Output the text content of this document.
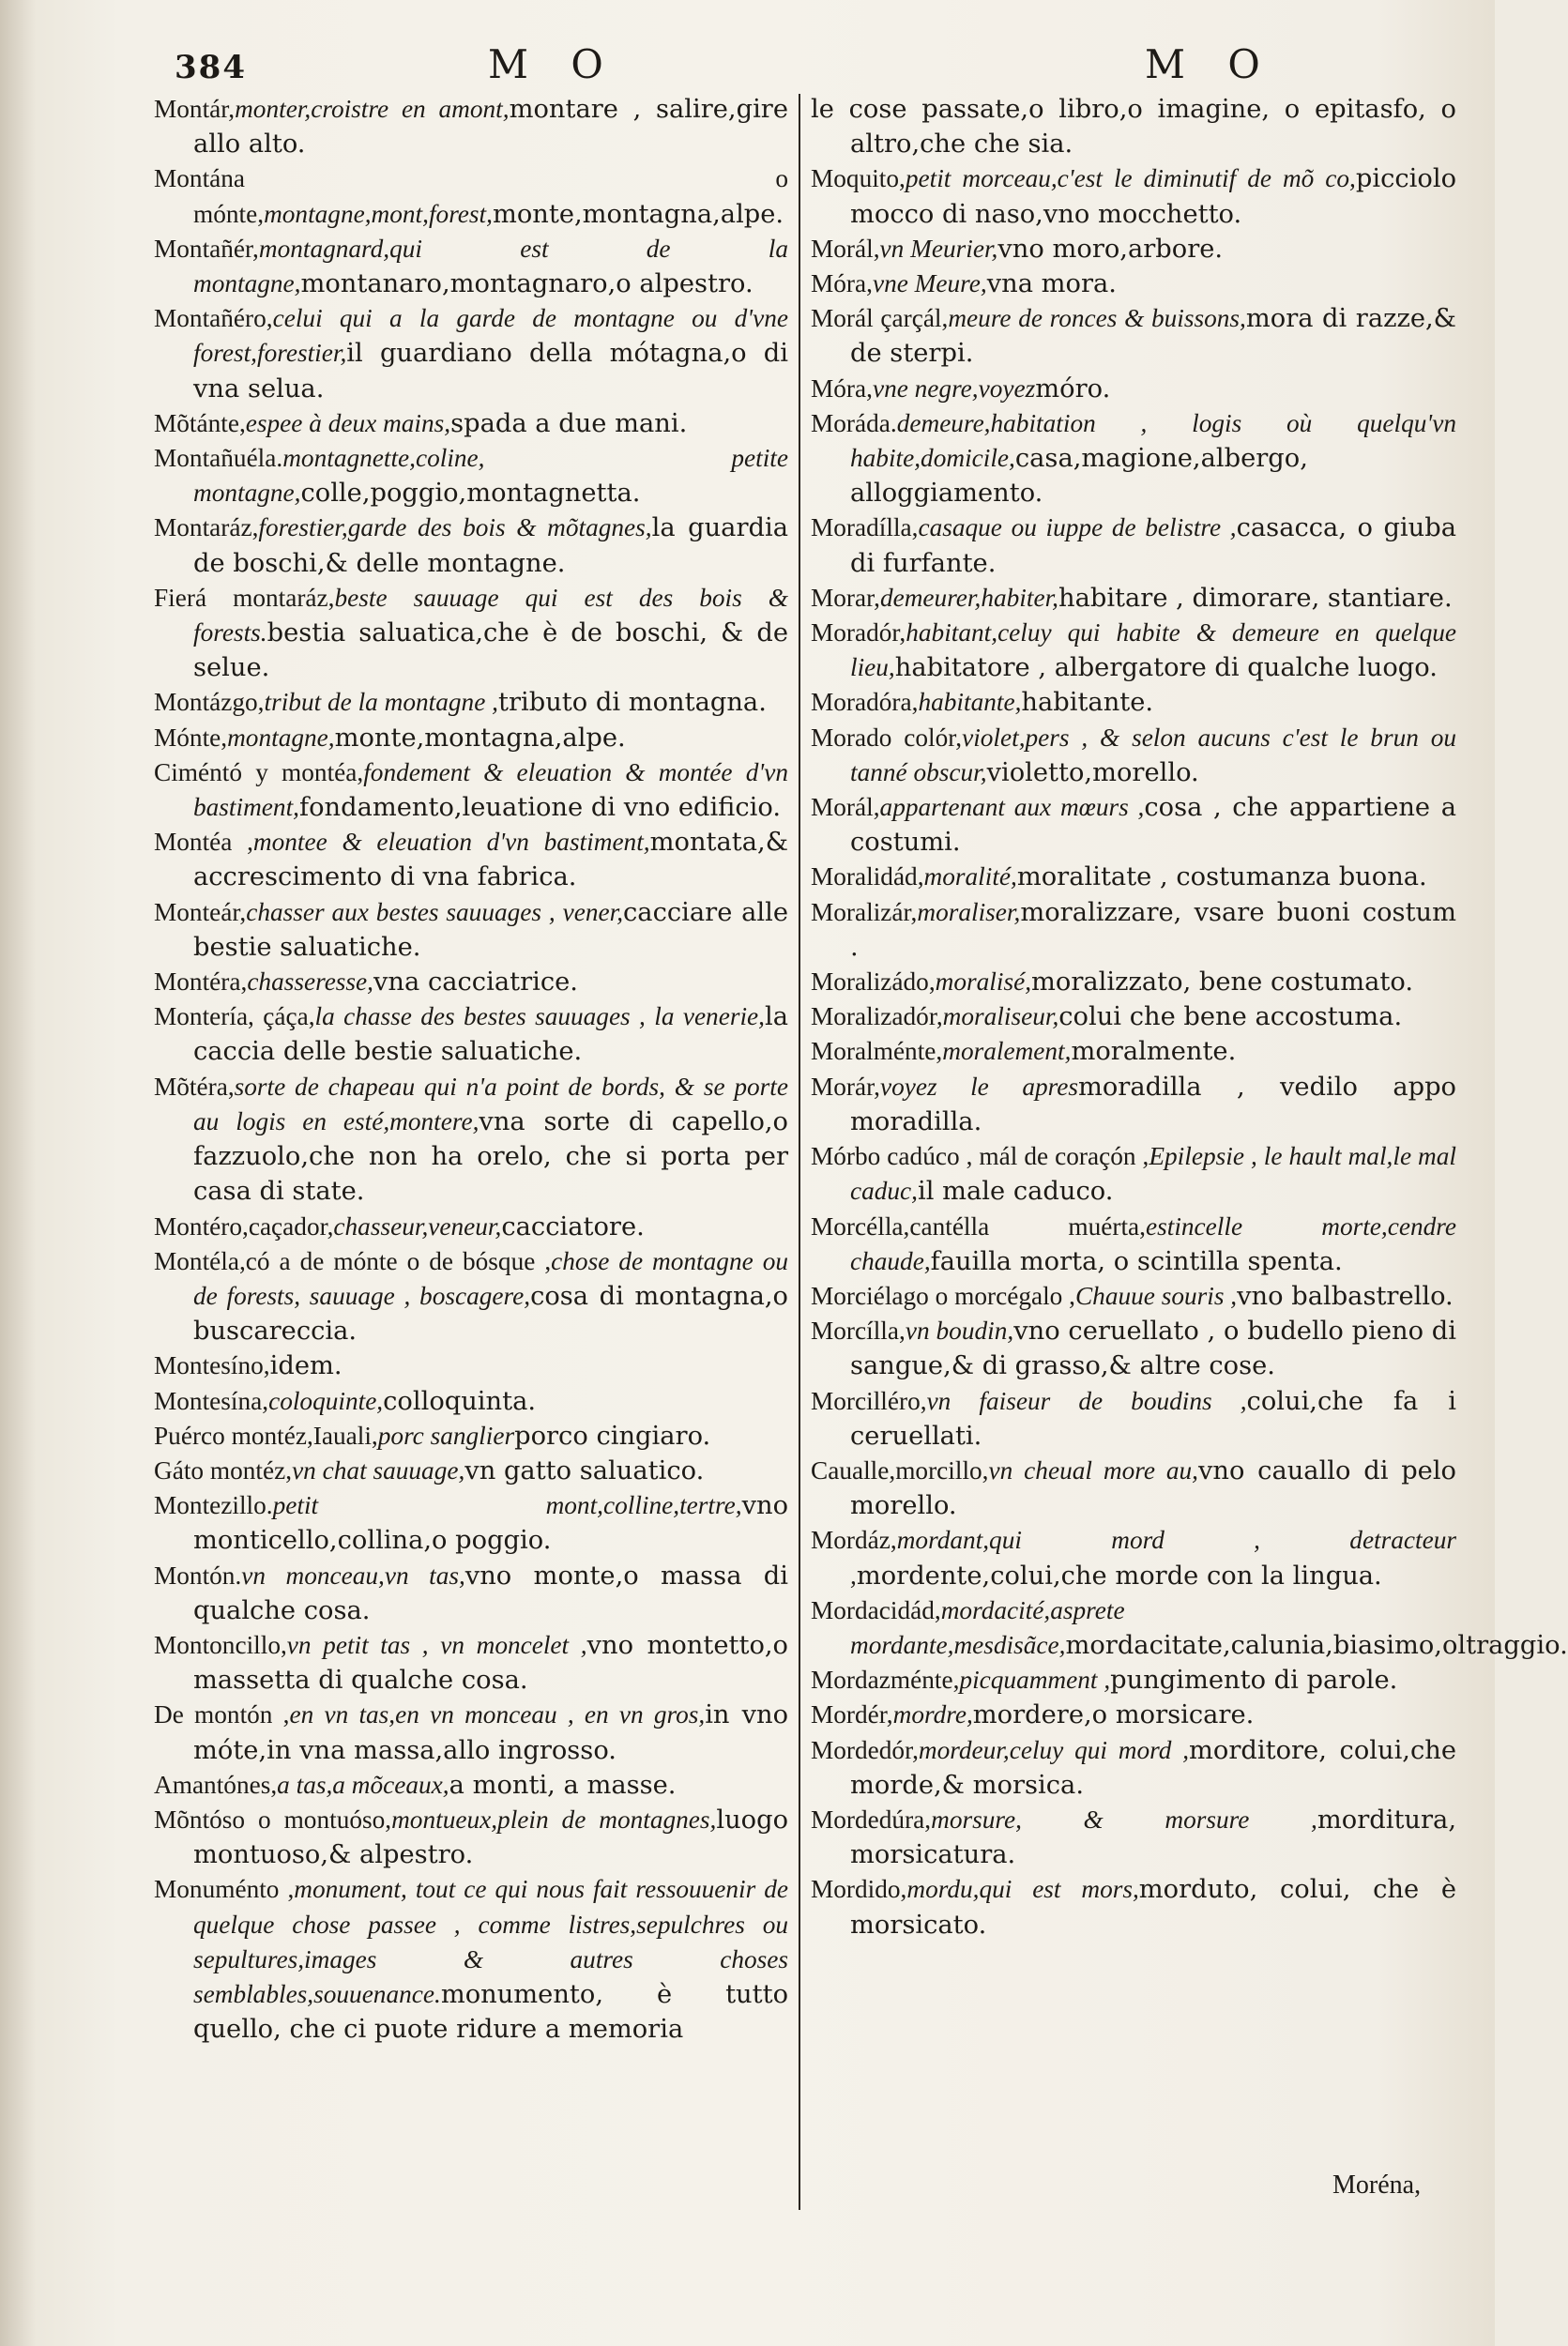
384	M O	M O
Montár,monter,croistre en amont,montare , salire,gire allo alto.
Montána o mónte,montagne,mont,forest,monte,montagna,alpe.
Montañér,montagnard,qui est de la montagne,montanaro,montagnaro,o alpestro.
Montañéro,celui qui a la garde de montagne ou d'vne forest,forestier,il guardiano della mótagna,o di vna selua.
Mõtánte,espee à deux mains,spada a due mani.
Montañuéla.montagnette,coline, petite montagne,colle,poggio,montagnetta.
Montaráz,forestier,garde des bois & mõtagnes,la guardia de boschi,& delle montagne.
Fierá montaráz,beste sauuage qui est des bois & forests.bestia saluatica,che è de boschi, & de selue.
Montázgo,tribut de la montagne ,tributo di montagna.
Mónte,montagne,monte,montagna,alpe.
Ciméntó y montéa,fondement & eleuation & montée d'vn bastiment,fondamento,leuatione di vno edificio.
Montéa ,montee & eleuation d'vn bastiment,montata,& accrescimento di vna fabrica.
Monteár,chasser aux bestes sauuages , vener,cacciare alle bestie saluatiche.
Montéra,chasseresse,vna cacciatrice.
Montería, çáça,la chasse des bestes sauuages , la venerie,la caccia delle bestie saluatiche.
Mõtéra,sorte de chapeau qui n'a point de bords, & se porte au logis en esté,montere,vna sorte di capello,o fazzuolo,che non ha orelo, che si porta per casa di state.
Montéro,caçador,chasseur,veneur,cacciatore.
Montéla,có a de mónte o de bósque ,chose de montagne ou de forests, sauuage , boscagere,cosa di montagna,o buscareccia.
Montesíno,idem.
Montesína,coloquinte,colloquinta.
Puérco montéz,Iauali,porc sanglierporco cingiaro.
Gáto montéz,vn chat sauuage,vn gatto saluatico.
Montezillo.petit mont,colline,tertre,vno monticello,collina,o poggio.
Montón.vn monceau,vn tas,vno monte,o massa di qualche cosa.
Montoncillo,vn petit tas , vn moncelet ,vno montetto,o massetta di qualche cosa.
De montón ,en vn tas,en vn monceau , en vn gros,in vno móte,in vna massa,allo ingrosso.
Amantónes,a tas,a mõceaux,a monti, a masse.
Mõntóso o montuóso,montueux,plein de montagnes,luogo montuoso,& alpestro.
Monuménto ,monument, tout ce qui nous fait ressouuenir de quelque chose passee , comme listres,sepulchres ou sepultures,images & autres choses semblables,souuenance.monumento, è tutto quello, che ci puote ridure a memoria
le cose passate,o libro,o imagine, o epitasfo, o altro,che che sia.
Moquito,petit morceau,c'est le diminutif de mõ co,picciolo mocco di naso,vno mocchetto.
Morál,vn Meurier,vno moro,arbore.
Móra,vne Meure,vna mora.
Morál çarçál,meure de ronces & buissons,mora di razze,& de sterpi.
Móra,vne negre,voyezmóro.
Moráda.demeure,habitation , logis où quelqu'vn habite,domicile,casa,magione,albergo, alloggiamento.
Moradílla,casaque ou iuppe de belistre ,casacca, o giuba di furfante.
Morar,demeurer,habiter,habitare , dimorare, stantiare.
Moradór,habitant,celuy qui habite & demeure en quelque lieu,habitatore , albergatore di qualche luogo.
Moradóra,habitante,habitante.
Morado colór,violet,pers , & selon aucuns c'est le brun ou tanné obscur,violetto,morello.
Morál,appartenant aux mœurs ,cosa , che appartiene a costumi.
Moralidád,moralité,moralitate , costumanza buona.
Moralizár,moraliser,moralizzare, vsare buoni costum .
Moralizádo,moralisé,moralizzato, bene costumato.
Moralizadór,moraliseur,colui che bene accostuma.
Moralménte,moralement,moralmente.
Morár,voyez le apresmoradilla , vedilo appo moradilla.
Mórbo cadúco , mál de coraçón ,Epilepsie , le hault mal,le mal caduc,il male caduco.
Morcélla,cantélla muérta,estincelle morte,cendre chaude,fauilla morta, o scintilla spenta.
Morciélago o morcégalo ,Chauue souris ,vno balbastrello.
Morcílla,vn boudin,vno ceruellato , o budello pieno di sangue,& di grasso,& altre cose.
Morcilléro,vn faiseur de boudins ,colui,che fa i ceruellati.
Caualle,morcillo,vn cheual more au,vno cauallo di pelo morello.
Mordáz,mordant,qui mord , detracteur ,mordente,colui,che morde con la lingua.
Mordacidád,mordacité,asprete mordante,mesdisãce,mordacitate,calunia,biasimo,oltraggio.
Mordazménte,picquamment ,pungimento di parole.
Mordér,mordre,mordere,o morsicare.
Mordedór,mordeur,celuy qui mord ,morditore, colui,che morde,& morsica.
Mordedúra,morsure, & morsure ,morditura, morsicatura.
Mordido,mordu,qui est mors,morduto, colui, che è morsicato.
Moréna,
